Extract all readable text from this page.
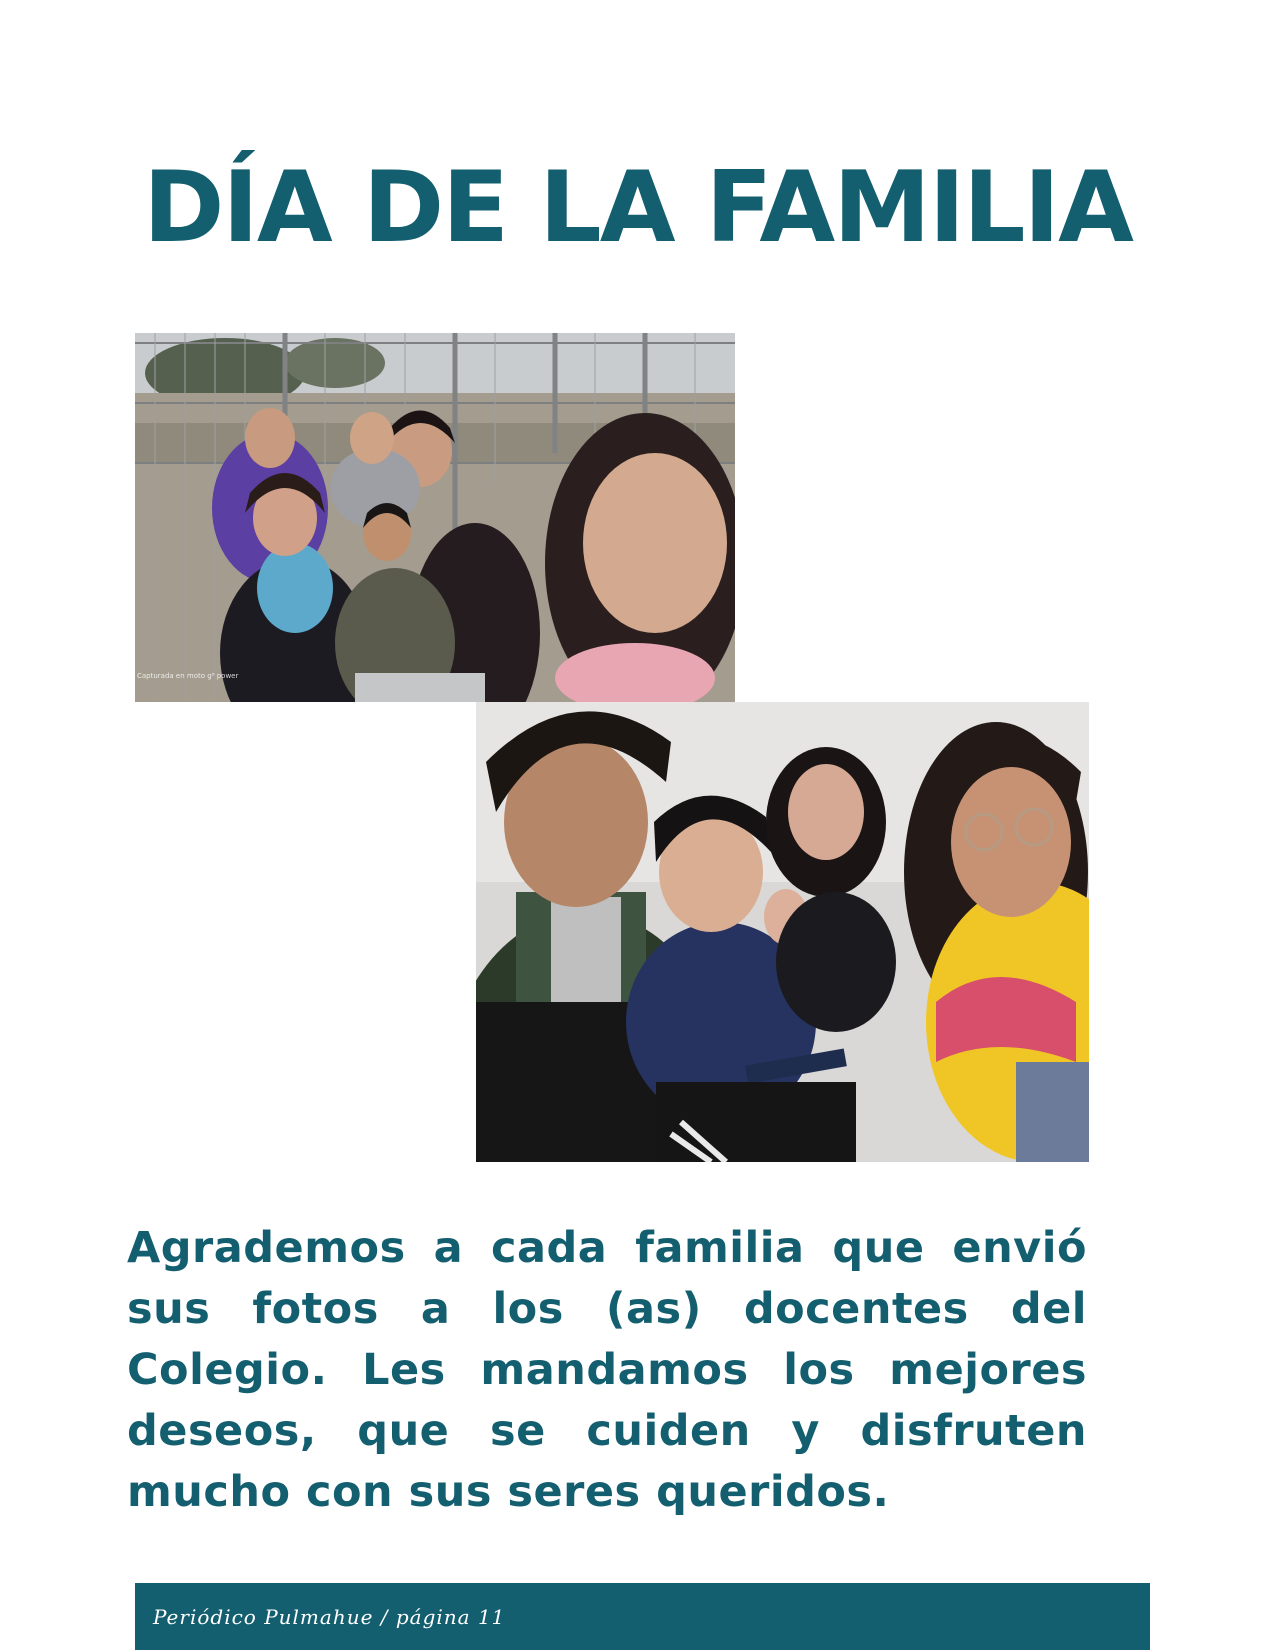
DÍA DE LA FAMILIA
Capturada en moto g⁸ power

Agrademos a cada familia que envió sus fotos a los (as) docentes del Colegio. Les mandamos los mejores deseos, que se cuiden y disfruten mucho con sus seres queridos.

Periódico Pulmahue / página 11
